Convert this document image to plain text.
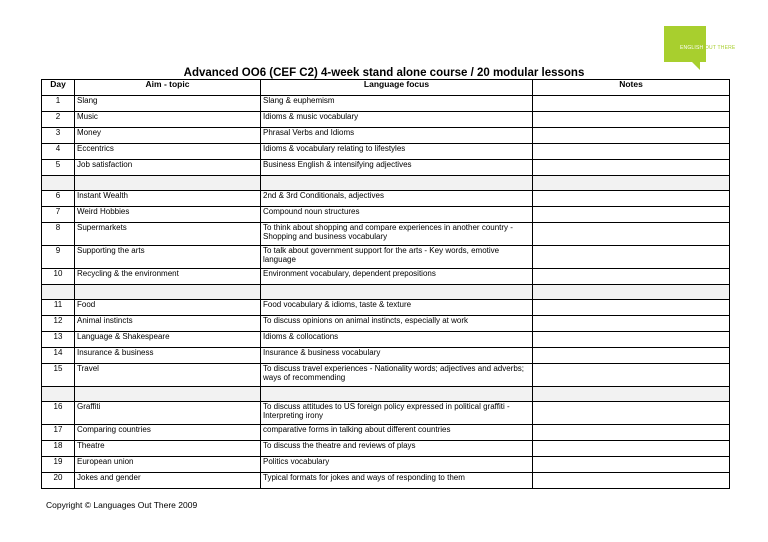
ENGLISH OUT THERE
Advanced OO6 (CEF C2) 4-week stand alone course / 20 modular lessons
Day	Aim - topic	Language focus	Notes
1	Slang	Slang & euphemism	
2	Music	Idioms & music vocabulary	
3	Money	Phrasal Verbs and Idioms	
4	Eccentrics	Idioms & vocabulary relating to lifestyles	
5	Job satisfaction	Business English & intensifying adjectives	

6	Instant Wealth	2nd & 3rd Conditionals, adjectives	
7	Weird Hobbies	Compound noun structures	
8	Supermarkets	To think about shopping and compare experiences in another country - Shopping and business vocabulary	
9	Supporting the arts	To talk about government support for the arts - Key words, emotive language	
10	Recycling & the environment	Environment vocabulary, dependent prepositions	

11	Food	Food vocabulary & idioms, taste & texture	
12	Animal instincts	To discuss opinions on animal instincts, especially at work	
13	Language & Shakespeare	Idioms & collocations	
14	Insurance & business	Insurance & business vocabulary	
15	Travel	To discuss travel experiences - Nationality words; adjectives and adverbs; ways of recommending	

16	Graffiti	To discuss attitudes to US foreign policy expressed in political graffiti - Interpreting irony	
17	Comparing countries	comparative forms in talking about different countries	
18	Theatre	To discuss the theatre and reviews of plays	
19	European union	Politics vocabulary	
20	Jokes and gender	Typical formats for jokes and ways of responding to them	
Copyright © Languages Out There 2009
